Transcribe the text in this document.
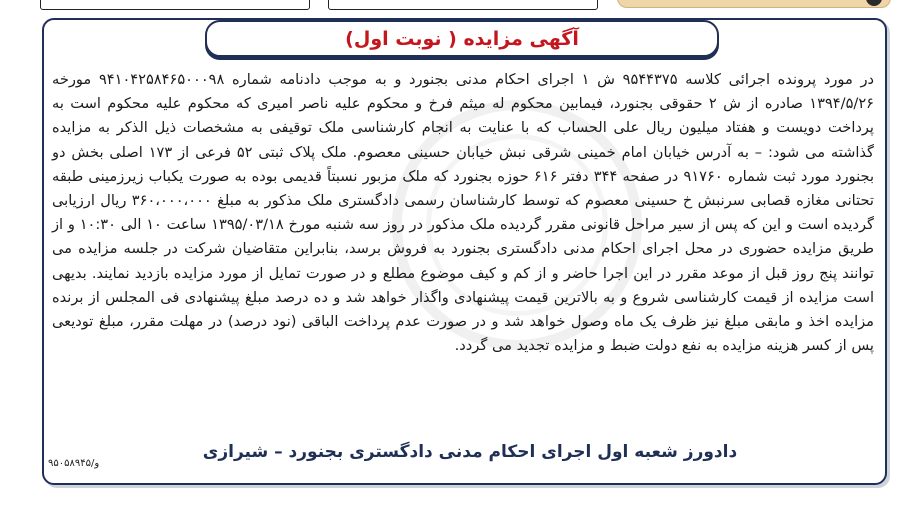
آگهی مزایده ( نوبت اول)

در مورد پرونده اجرائی کلاسه ۹۵۴۴۳۷۵ ش ۱ اجرای احکام مدنی بجنورد و به موجب دادنامه شماره ۹۴۱۰۴۲۵۸۴۶۵۰۰۰۹۸ مورخه ۱۳۹۴/۵/۲۶ صادره از ش ۲ حقوقی بجنورد، فیمابین محکوم له میثم فرخ و محکوم علیه ناصر امیری که محکوم علیه محکوم است به پرداخت دویست و هفتاد میلیون ریال علی الحساب که با عنایت به انجام کارشناسی ملک توقیفی به مشخصات ذیل الذکر به مزایده گذاشته می شود: – به آدرس خیابان امام خمینی شرقی نبش خیابان حسینی معصوم. ملک پلاک ثبتی ۵۲ فرعی از ۱۷۳ اصلی بخش دو بجنورد مورد ثبت شماره ۹۱۷۶۰ در صفحه ۳۴۴ دفتر ۶۱۶ حوزه بجنورد که ملک مزبور نسبتاً قدیمی بوده به صورت یکباب زیرزمینی طبقه تحتانی مغازه قصابی سرنبش خ حسینی معصوم که توسط کارشناسان رسمی دادگستری ملک مذکور به مبلغ ۳۶۰،۰۰۰،۰۰۰ ریال ارزیابی گردیده است و این که پس از سیر مراحل قانونی مقرر گردیده ملک مذکور در روز سه شنبه مورخ ۱۳۹۵/۰۳/۱۸ ساعت ۱۰ الی ۱۰:۳۰ و از طریق مزایده حضوری در محل اجرای احکام مدنی دادگستری بجنورد به فروش برسد، بنابراین متقاضیان شرکت در جلسه مزایده می توانند پنج روز قبل از موعد مقرر در این اجرا حاضر و از کم و کیف موضوع مطلع و در صورت تمایل از مورد مزایده بازدید نمایند. بدیهی است مزایده از قیمت کارشناسی شروع و به بالاترین قیمت پیشنهادی واگذار خواهد شد و ده درصد مبلغ پیشنهادی فی المجلس از برنده مزایده اخذ و مابقی مبلغ نیز ظرف یک ماه وصول خواهد شد و در صورت عدم پرداخت الباقی (نود درصد) در مهلت مقرر، مبلغ تودیعی پس از کسر هزینه مزایده به نفع دولت ضبط و مزایده تجدید می گردد.

دادورز شعبه اول اجرای احکام مدنی دادگستری بجنورد – شیرازی
۹۵۰۵۸۹۴۵/و
